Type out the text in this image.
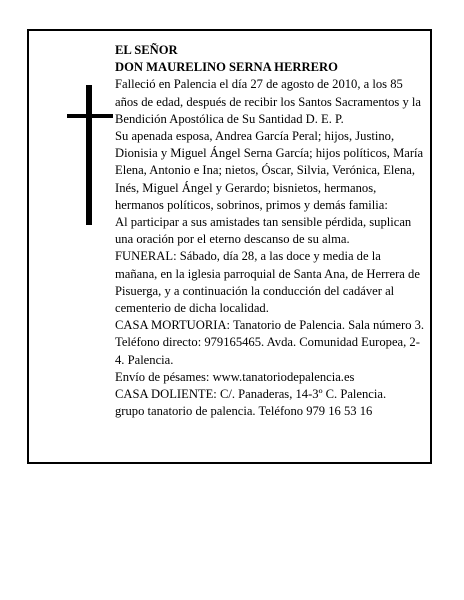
EL SEÑOR

DON MAURELINO SERNA HERRERO

Falleció en Palencia el día 27 de agosto de 2010, a los 85 años de edad, después de recibir los Santos Sacramentos y la Bendición Apostólica de Su Santidad D. E. P.

Su apenada esposa, Andrea García Peral; hijos, Justino, Dionisia y Miguel Ángel Serna García; hijos políticos, María Elena, Antonio e Ina; nietos, Óscar, Silvia, Verónica, Elena, Inés, Miguel Ángel y Gerardo; bisnietos, hermanos, hermanos políticos, sobrinos, primos y demás familia:

Al participar a sus amistades tan sensible pérdida, suplican una oración por el eterno descanso de su alma.

FUNERAL: Sábado, día 28, a las doce y media de la mañana, en la iglesia parroquial de Santa Ana, de Herrera de Pisuerga, y a continuación la conducción del cadáver al cementerio de dicha localidad.

CASA MORTUORIA: Tanatorio de Palencia. Sala número 3. Teléfono directo: 979165465. Avda. Comunidad Europea, 2-4. Palencia.

Envío de pésames: www.tanatoriodepalencia.es

CASA DOLIENTE: C/. Panaderas, 14-3º C. Palencia.

grupo tanatorio de palencia. Teléfono 979 16 53 16
